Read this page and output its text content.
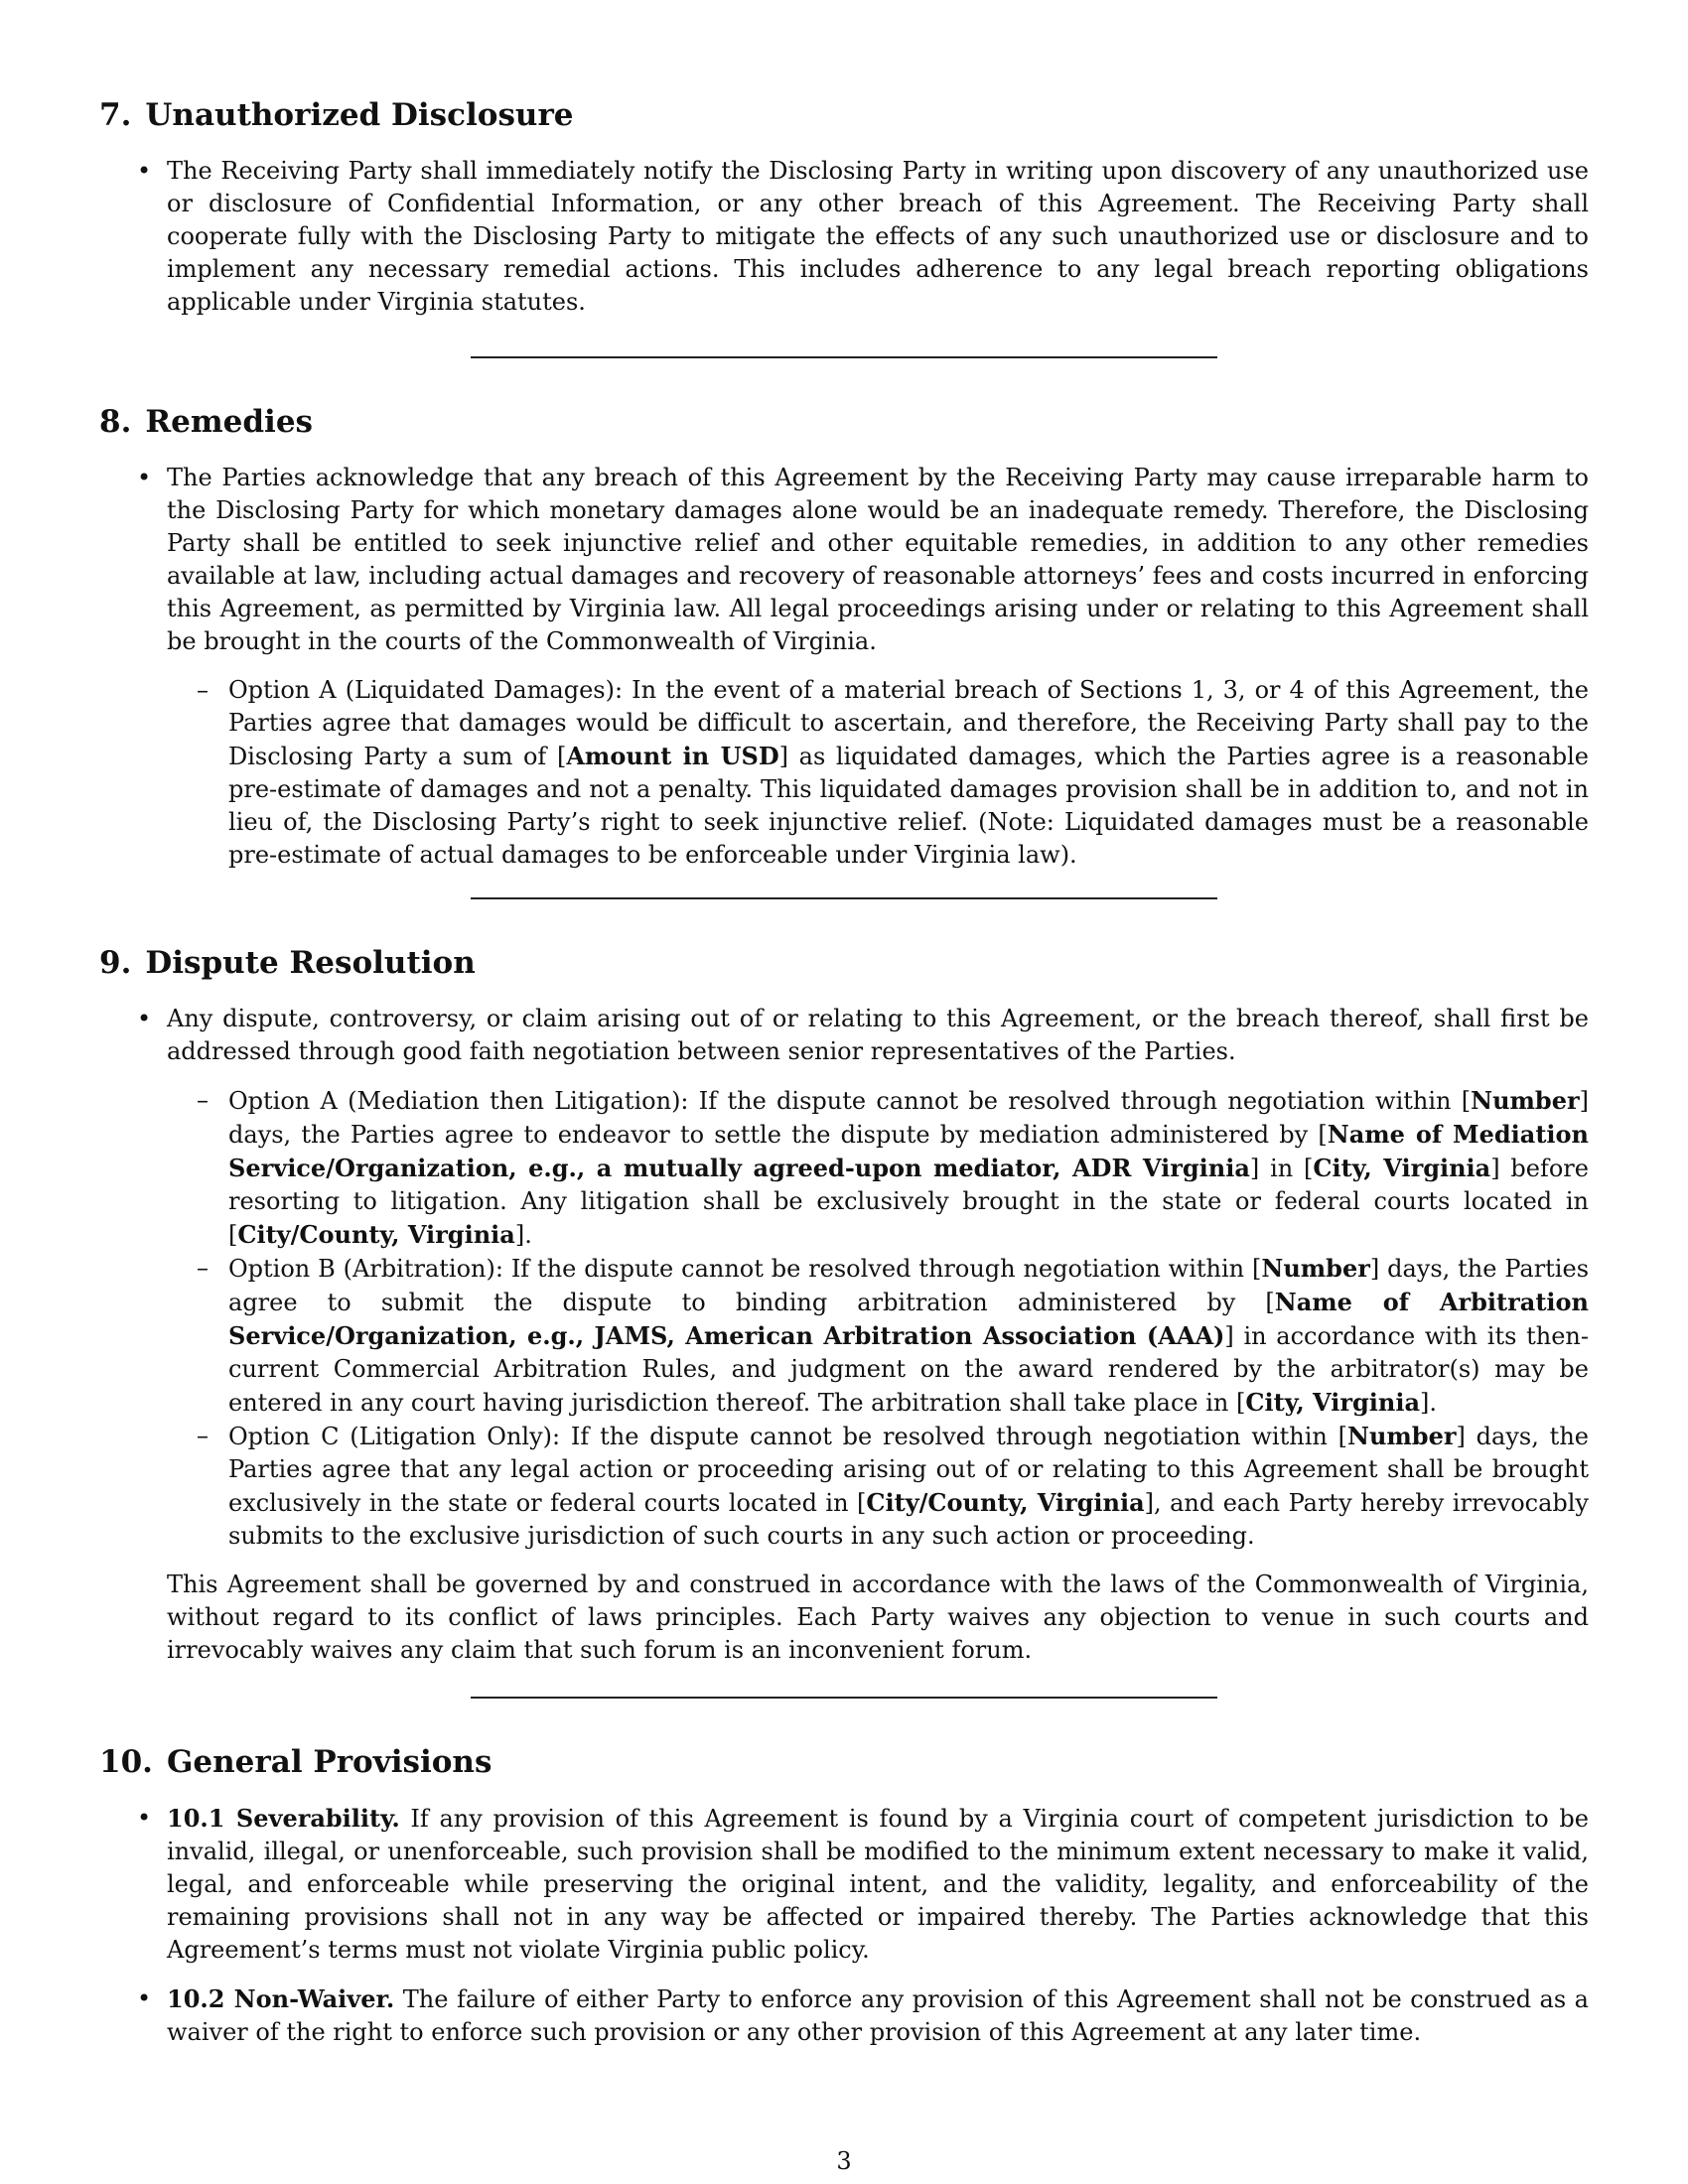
7. Unauthorized Disclosure
• The Receiving Party shall immediately notify the Disclosing Party in writing upon discovery of any unauthorized use or disclosure of Confidential Information, or any other breach of this Agreement. The Receiving Party shall cooperate fully with the Disclosing Party to mitigate the effects of any such unauthorized use or disclosure and to implement any necessary remedial actions. This includes adherence to any legal breach reporting obligations applicable under Virginia statutes.

8. Remedies
• The Parties acknowledge that any breach of this Agreement by the Receiving Party may cause irreparable harm to the Disclosing Party for which monetary damages alone would be an inadequate remedy. Therefore, the Disclosing Party shall be entitled to seek injunctive relief and other equitable remedies, in addition to any other remedies available at law, including actual damages and recovery of reasonable attorneys’ fees and costs incurred in enforcing this Agreement, as permitted by Virginia law. All legal proceedings arising under or relating to this Agreement shall be brought in the courts of the Commonwealth of Virginia.

– Option A (Liquidated Damages): In the event of a material breach of Sections 1, 3, or 4 of this Agreement, the Parties agree that damages would be difficult to ascertain, and therefore, the Receiving Party shall pay to the Disclosing Party a sum of [Amount in USD] as liquidated damages, which the Parties agree is a reasonable pre-estimate of damages and not a penalty. This liquidated damages provision shall be in addition to, and not in lieu of, the Disclosing Party’s right to seek injunctive relief. (Note: Liquidated damages must be a reasonable pre-estimate of actual damages to be enforceable under Virginia law).

9. Dispute Resolution
• Any dispute, controversy, or claim arising out of or relating to this Agreement, or the breach thereof, shall first be addressed through good faith negotiation between senior representatives of the Parties.

– Option A (Mediation then Litigation): If the dispute cannot be resolved through negotiation within [Number] days, the Parties agree to endeavor to settle the dispute by mediation administered by [Name of Mediation Service/Organization, e.g., a mutually agreed-upon mediator, ADR Virginia] in [City, Virginia] before resorting to litigation. Any litigation shall be exclusively brought in the state or federal courts located in [City/County, Virginia].

– Option B (Arbitration): If the dispute cannot be resolved through negotiation within [Number] days, the Parties agree to submit the dispute to binding arbitration administered by [Name of Arbitration Service/Organization, e.g., JAMS, American Arbitration Association (AAA)] in accordance with its then-current Commercial Arbitration Rules, and judgment on the award rendered by the arbitrator(s) may be entered in any court having jurisdiction thereof. The arbitration shall take place in [City, Virginia].

– Option C (Litigation Only): If the dispute cannot be resolved through negotiation within [Number] days, the Parties agree that any legal action or proceeding arising out of or relating to this Agreement shall be brought exclusively in the state or federal courts located in [City/County, Virginia], and each Party hereby irrevocably submits to the exclusive jurisdiction of such courts in any such action or proceeding.

This Agreement shall be governed by and construed in accordance with the laws of the Commonwealth of Virginia, without regard to its conflict of laws principles. Each Party waives any objection to venue in such courts and irrevocably waives any claim that such forum is an inconvenient forum.

10. General Provisions
• 10.1 Severability. If any provision of this Agreement is found by a Virginia court of competent jurisdiction to be invalid, illegal, or unenforceable, such provision shall be modified to the minimum extent necessary to make it valid, legal, and enforceable while preserving the original intent, and the validity, legality, and enforceability of the remaining provisions shall not in any way be affected or impaired thereby. The Parties acknowledge that this Agreement’s terms must not violate Virginia public policy.

• 10.2 Non-Waiver. The failure of either Party to enforce any provision of this Agreement shall not be construed as a waiver of the right to enforce such provision or any other provision of this Agreement at any later time.

3
